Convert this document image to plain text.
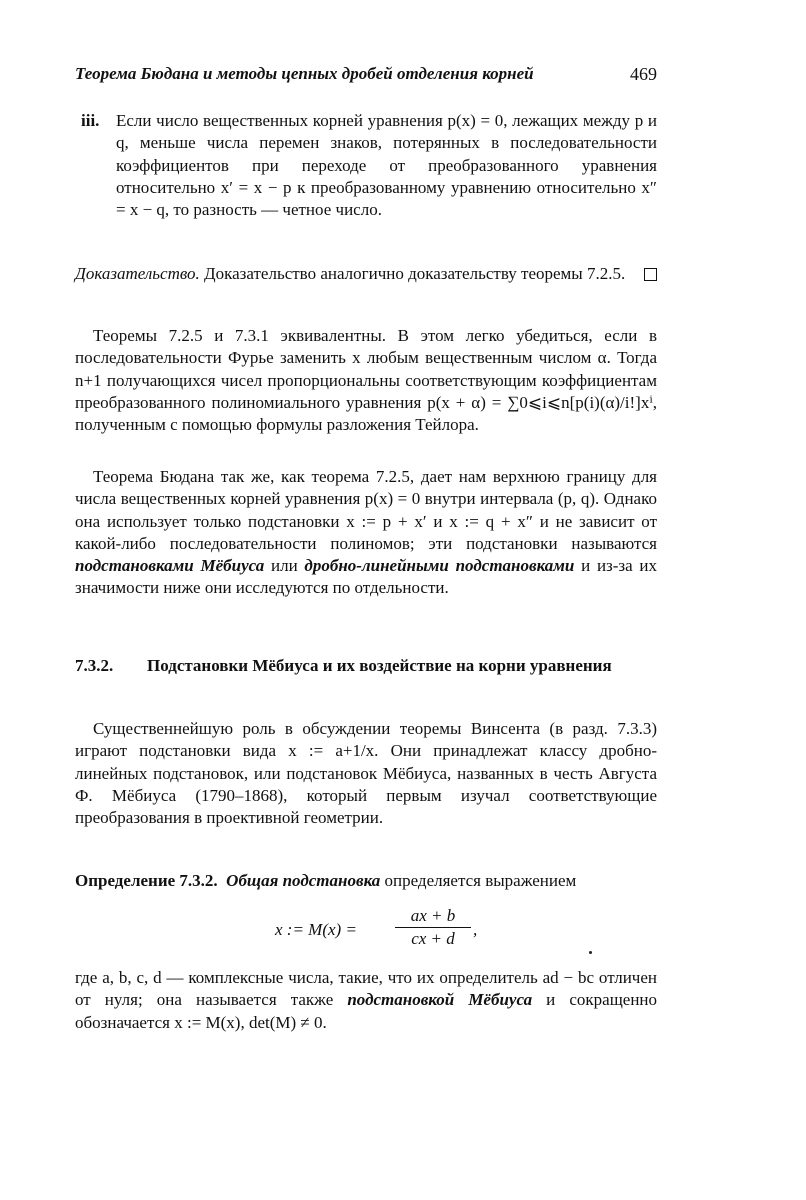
Теорема Бюдана и методы цепных дробей отделения корней	469
iii. Если число вещественных корней уравнения p(x) = 0, лежащих между p и q, меньше числа перемен знаков, потерянных в последовательности коэффициентов при переходе от преобразованного уравнения относительно x′ = x − p к преобразованному уравнению относительно x″ = x − q, то разность — четное число.
Доказательство. Доказательство аналогично доказательству теоремы 7.2.5.
Теоремы 7.2.5 и 7.3.1 эквивалентны. В этом легко убедиться, если в последовательности Фурье заменить x любым вещественным числом α. Тогда n+1 получающихся чисел пропорциональны соответствующим коэффициентам преобразованного полиномиального уравнения p(x + α) = ∑0⩽i⩽n[p(i)(α)/i!]xⁱ, полученным с помощью формулы разложения Тейлора.
Теорема Бюдана так же, как теорема 7.2.5, дает нам верхнюю границу для числа вещественных корней уравнения p(x) = 0 внутри интервала (p, q). Однако она использует только подстановки x := p + x′ и x := q + x″ и не зависит от какой-либо последовательности полиномов; эти подстановки называются подстановками Мёбиуса или дробно-линейными подстановками и из-за их значимости ниже они исследуются по отдельности.
7.3.2. Подстановки Мёбиуса и их воздействие на корни уравнения
Существеннейшую роль в обсуждении теоремы Винсента (в разд. 7.3.3) играют подстановки вида x := a+1/x. Они принадлежат классу дробно-линейных подстановок, или подстановок Мёбиуса, названных в честь Августа Ф. Мёбиуса (1790–1868), который первым изучал соответствующие преобразования в проективной геометрии.
Определение 7.3.2. Общая подстановка определяется выражением
x := $M(x) = \frac{ax + b}{cx + d}$ ,
где a, b, c, d — комплексные числа, такие, что их определитель ad − bc отличен от нуля; она называется также подстановкой Мёбиуса и сокращенно обозначается x := M(x), det(M) ≠ 0.
